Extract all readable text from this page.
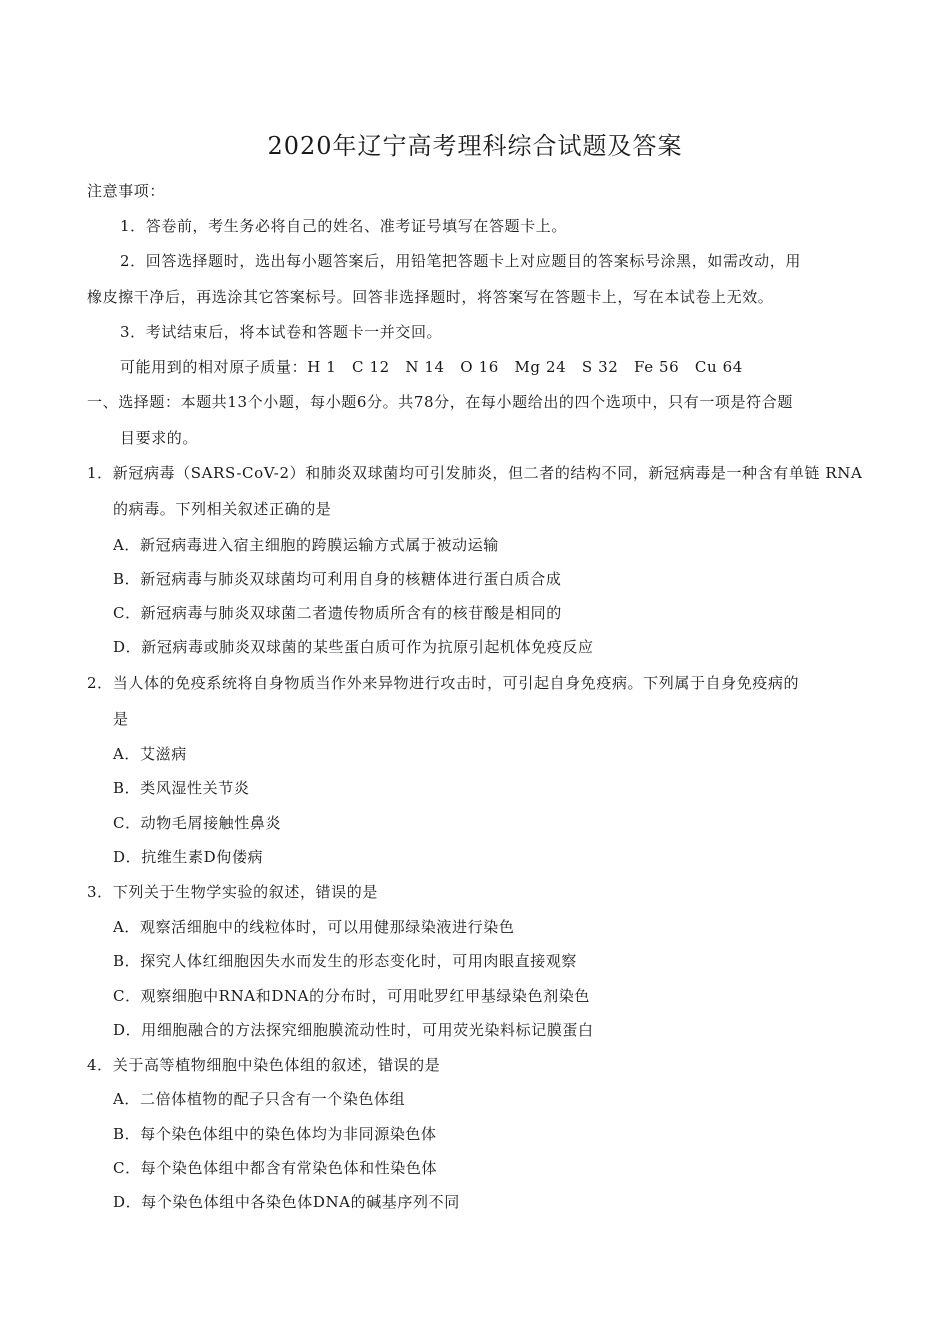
2020年辽宁高考理科综合试题及答案
注意事项：
1．答卷前，考生务必将自己的姓名、准考证号填写在答题卡上。
2．回答选择题时，选出每小题答案后，用铅笔把答题卡上对应题目的答案标号涂黑，如需改动，用
橡皮擦干净后，再选涂其它答案标号。回答非选择题时，将答案写在答题卡上，写在本试卷上无效。
3．考试结束后，将本试卷和答题卡一并交回。
可能用到的相对原子质量：H 1　C 12　N 14　O 16　Mg 24　S 32　Fe 56　Cu 64
一、选择题：本题共13个小题，每小题6分。共78分，在每小题给出的四个选项中，只有一项是符合题
目要求的。
1．新冠病毒（SARS-CoV-2）和肺炎双球菌均可引发肺炎，但二者的结构不同，新冠病毒是一种含有单链 RNA
的病毒。下列相关叙述正确的是
A．新冠病毒进入宿主细胞的跨膜运输方式属于被动运输
B．新冠病毒与肺炎双球菌均可利用自身的核糖体进行蛋白质合成
C．新冠病毒与肺炎双球菌二者遗传物质所含有的核苷酸是相同的
D．新冠病毒或肺炎双球菌的某些蛋白质可作为抗原引起机体免疫反应
2．当人体的免疫系统将自身物质当作外来异物进行攻击时，可引起自身免疫病。下列属于自身免疫病的
是
A．艾滋病
B．类风湿性关节炎
C．动物毛屑接触性鼻炎
D．抗维生素D佝偻病
3．下列关于生物学实验的叙述，错误的是
A．观察活细胞中的线粒体时，可以用健那绿染液进行染色
B．探究人体红细胞因失水而发生的形态变化时，可用肉眼直接观察
C．观察细胞中RNA和DNA的分布时，可用吡罗红甲基绿染色剂染色
D．用细胞融合的方法探究细胞膜流动性时，可用荧光染料标记膜蛋白
4．关于高等植物细胞中染色体组的叙述，错误的是
A．二倍体植物的配子只含有一个染色体组
B．每个染色体组中的染色体均为非同源染色体
C．每个染色体组中都含有常染色体和性染色体
D．每个染色体组中各染色体DNA的碱基序列不同
